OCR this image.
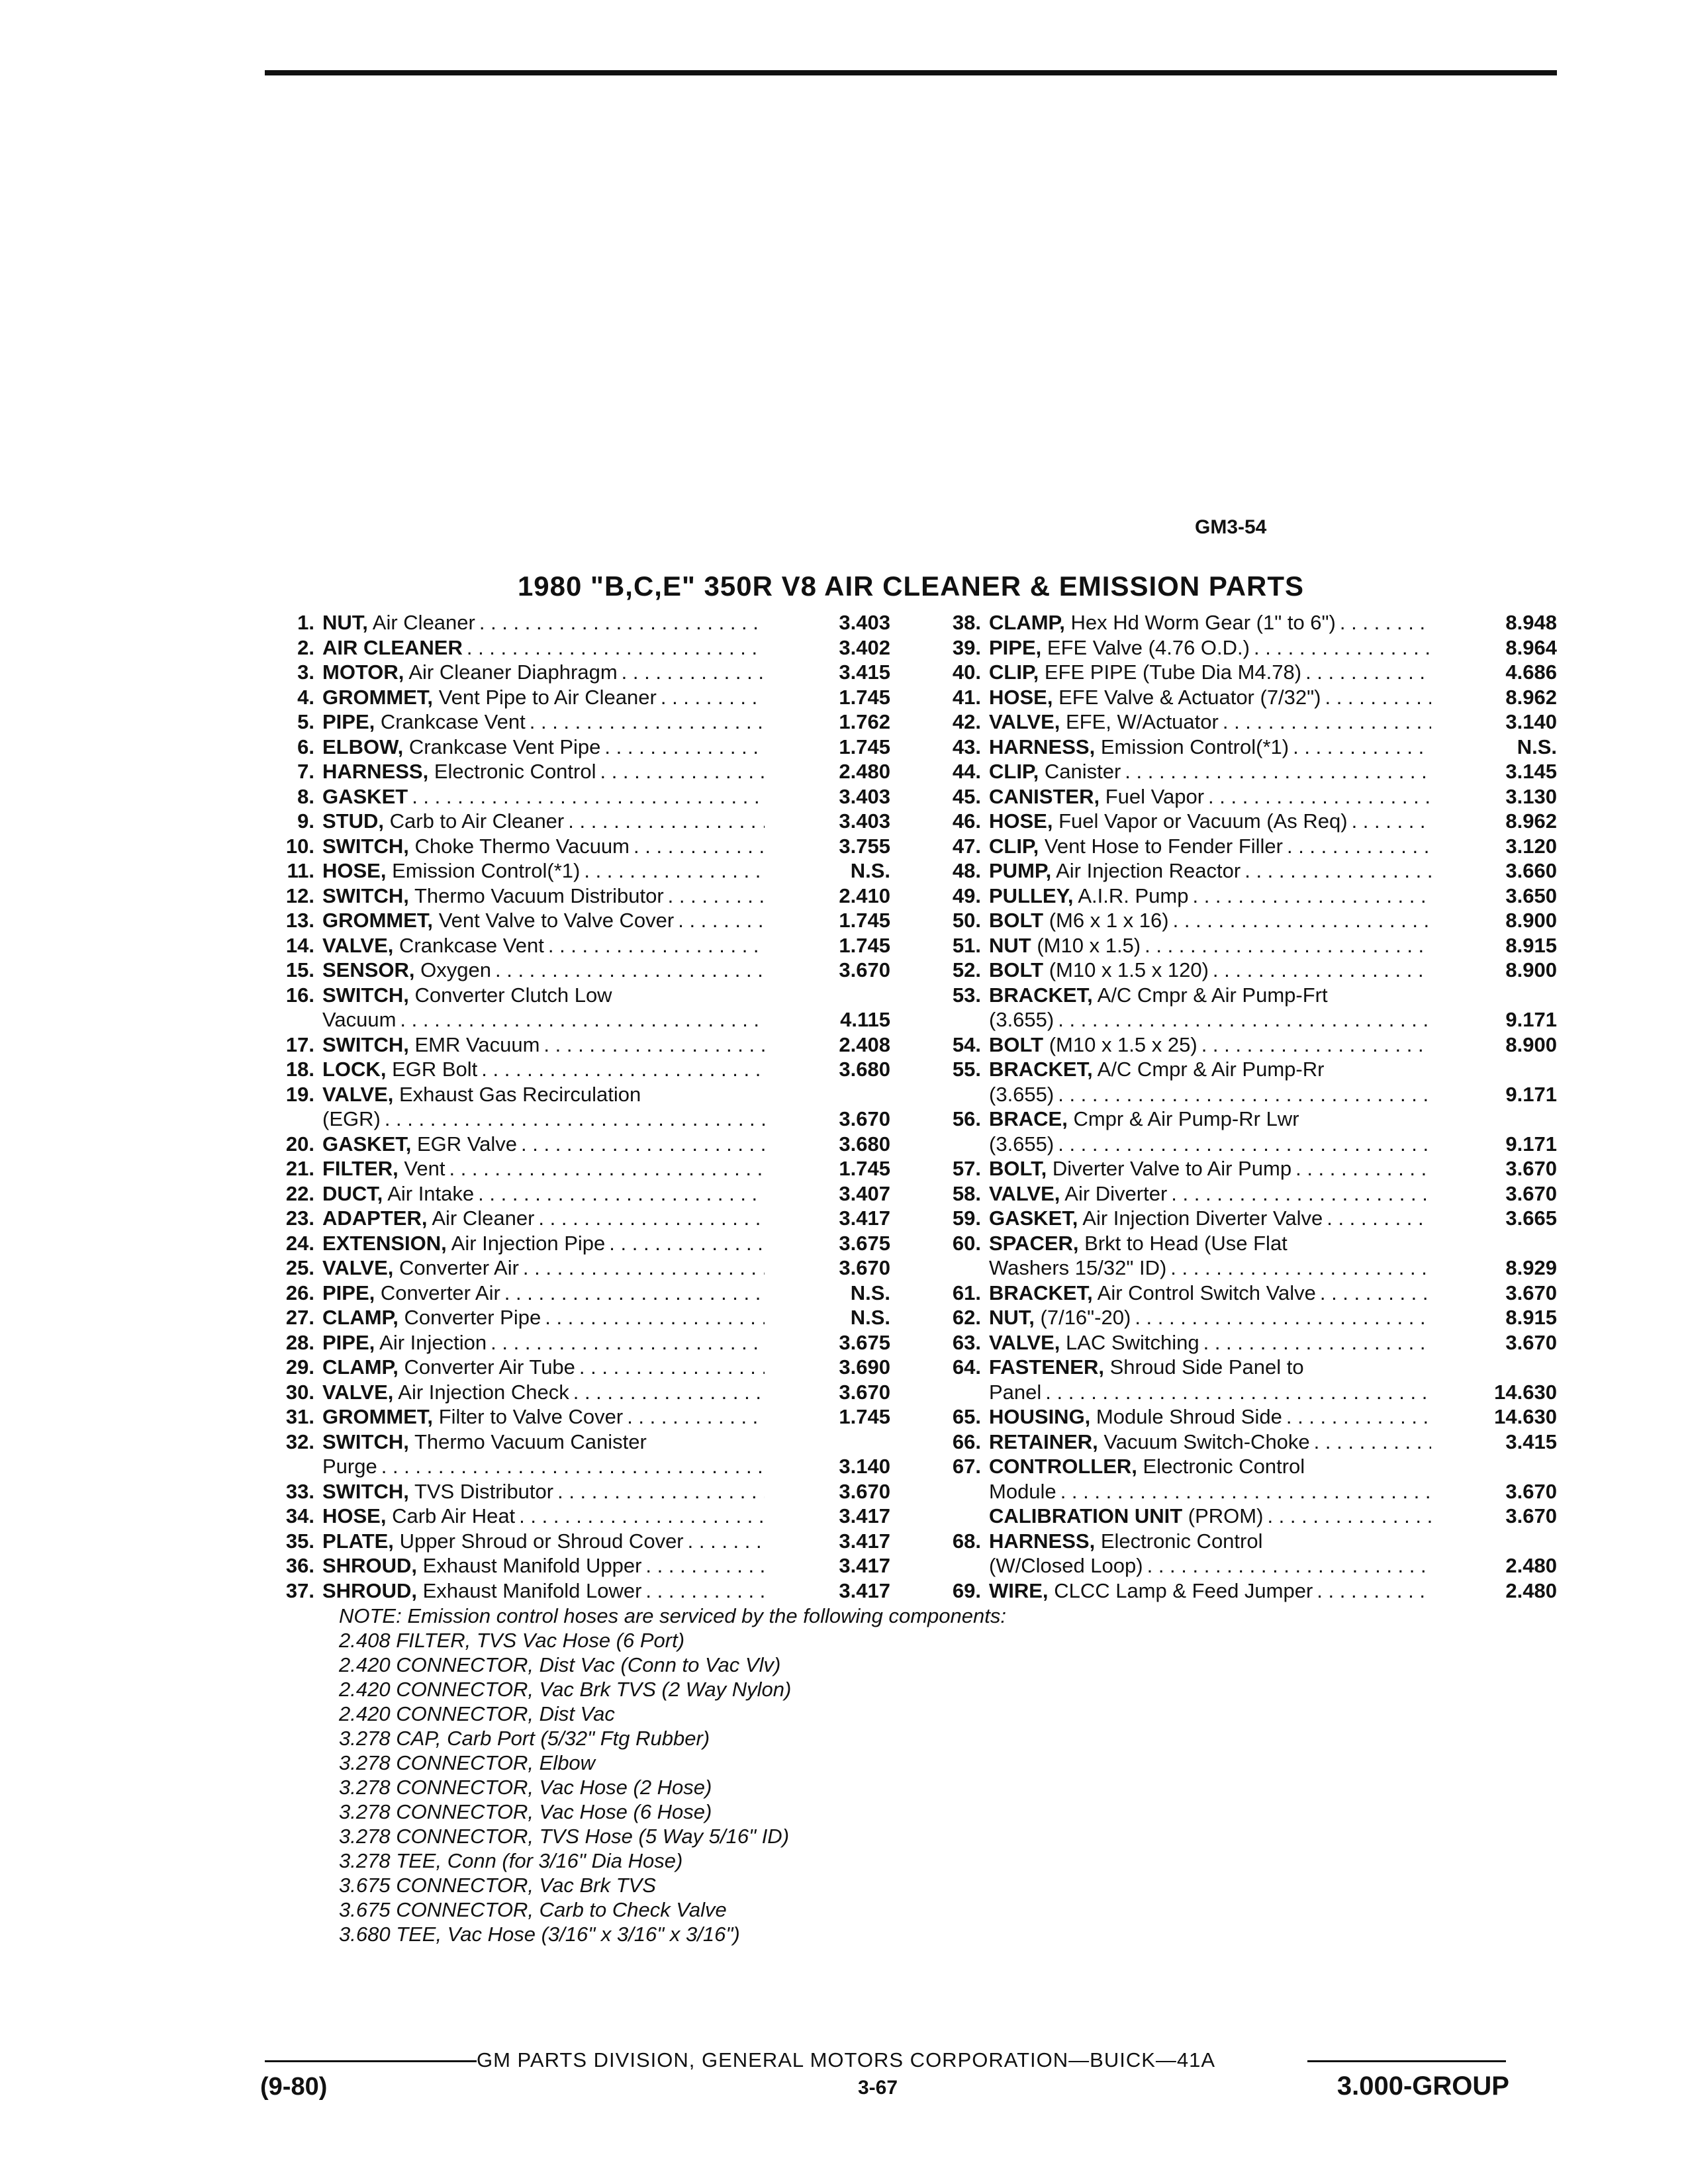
GM3-54
1980 "B,C,E" 350R V8 AIR CLEANER & EMISSION PARTS
1. NUT, Air Cleaner . . .	3.403
2. AIR CLEANER . . .	3.402
3. MOTOR, Air Cleaner Diaphragm . . .	3.415
4. GROMMET, Vent Pipe to Air Cleaner . . .	1.745
5. PIPE, Crankcase Vent . . .	1.762
6. ELBOW, Crankcase Vent Pipe . . .	1.745
7. HARNESS, Electronic Control . . .	2.480
8. GASKET . . .	3.403
9. STUD, Carb to Air Cleaner . . .	3.403
10. SWITCH, Choke Thermo Vacuum . . .	3.755
11. HOSE, Emission Control(*1) . . .	N.S.
12. SWITCH, Thermo Vacuum Distributor . . .	2.410
13. GROMMET, Vent Valve to Valve Cover . . .	1.745
14. VALVE, Crankcase Vent . . .	1.745
15. SENSOR, Oxygen . . .	3.670
16. SWITCH, Converter Clutch Low
Vacuum . . .	4.115
17. SWITCH, EMR Vacuum . . .	2.408
18. LOCK, EGR Bolt . . .	3.680
19. VALVE, Exhaust Gas Recirculation
(EGR) . . .	3.670
20. GASKET, EGR Valve . . .	3.680
21. FILTER, Vent . . .	1.745
22. DUCT, Air Intake . . .	3.407
23. ADAPTER, Air Cleaner . . .	3.417
24. EXTENSION, Air Injection Pipe . . .	3.675
25. VALVE, Converter Air . . .	3.670
26. PIPE, Converter Air . . .	N.S.
27. CLAMP, Converter Pipe . . .	N.S.
28. PIPE, Air Injection . . .	3.675
29. CLAMP, Converter Air Tube . . .	3.690
30. VALVE, Air Injection Check . . .	3.670
31. GROMMET, Filter to Valve Cover . . .	1.745
32. SWITCH, Thermo Vacuum Canister
Purge . . .	3.140
33. SWITCH, TVS Distributor . . .	3.670
34. HOSE, Carb Air Heat . . .	3.417
35. PLATE, Upper Shroud or Shroud Cover . . .	3.417
36. SHROUD, Exhaust Manifold Upper . . .	3.417
37. SHROUD, Exhaust Manifold Lower . . .	3.417
38. CLAMP, Hex Hd Worm Gear (1" to 6") . . .	8.948
39. PIPE, EFE Valve (4.76 O.D.) . . .	8.964
40. CLIP, EFE PIPE (Tube Dia M4.78) . . .	4.686
41. HOSE, EFE Valve & Actuator (7/32") . . .	8.962
42. VALVE, EFE, W/Actuator . . .	3.140
43. HARNESS, Emission Control(*1) . . .	N.S.
44. CLIP, Canister . . .	3.145
45. CANISTER, Fuel Vapor . . .	3.130
46. HOSE, Fuel Vapor or Vacuum (As Req) . . .	8.962
47. CLIP, Vent Hose to Fender Filler . . .	3.120
48. PUMP, Air Injection Reactor . . .	3.660
49. PULLEY, A.I.R. Pump . . .	3.650
50. BOLT (M6 x 1 x 16) . . .	8.900
51. NUT (M10 x 1.5) . . .	8.915
52. BOLT (M10 x 1.5 x 120) . . .	8.900
53. BRACKET, A/C Cmpr & Air Pump-Frt
(3.655) . . .	9.171
54. BOLT (M10 x 1.5 x 25) . . .	8.900
55. BRACKET, A/C Cmpr & Air Pump-Rr
(3.655) . . .	9.171
56. BRACE, Cmpr & Air Pump-Rr Lwr
(3.655) . . .	9.171
57. BOLT, Diverter Valve to Air Pump . . .	3.670
58. VALVE, Air Diverter . . .	3.670
59. GASKET, Air Injection Diverter Valve . . .	3.665
60. SPACER, Brkt to Head (Use Flat
Washers 15/32" ID) . . .	8.929
61. BRACKET, Air Control Switch Valve . . .	3.670
62. NUT, (7/16"-20) . . .	8.915
63. VALVE, LAC Switching . . .	3.670
64. FASTENER, Shroud Side Panel to
Panel . . .	14.630
65. HOUSING, Module Shroud Side . . .	14.630
66. RETAINER, Vacuum Switch-Choke . . .	3.415
67. CONTROLLER, Electronic Control
Module . . .	3.670
CALIBRATION UNIT (PROM) . . .	3.670
68. HARNESS, Electronic Control
(W/Closed Loop) . . .	2.480
69. WIRE, CLCC Lamp & Feed Jumper . . .	2.480
NOTE: Emission control hoses are serviced by the following components:
2.408 FILTER, TVS Vac Hose (6 Port)
2.420 CONNECTOR, Dist Vac (Conn to Vac Vlv)
2.420 CONNECTOR, Vac Brk TVS (2 Way Nylon)
2.420 CONNECTOR, Dist Vac
3.278 CAP, Carb Port (5/32" Ftg Rubber)
3.278 CONNECTOR, Elbow
3.278 CONNECTOR, Vac Hose (2 Hose)
3.278 CONNECTOR, Vac Hose (6 Hose)
3.278 CONNECTOR, TVS Hose (5 Way 5/16" ID)
3.278 TEE, Conn (for 3/16" Dia Hose)
3.675 CONNECTOR, Vac Brk TVS
3.675 CONNECTOR, Carb to Check Valve
3.680 TEE, Vac Hose (3/16" x 3/16" x 3/16")
GM PARTS DIVISION, GENERAL MOTORS CORPORATION—BUICK—41A
(9-80)	3-67	3.000-GROUP
